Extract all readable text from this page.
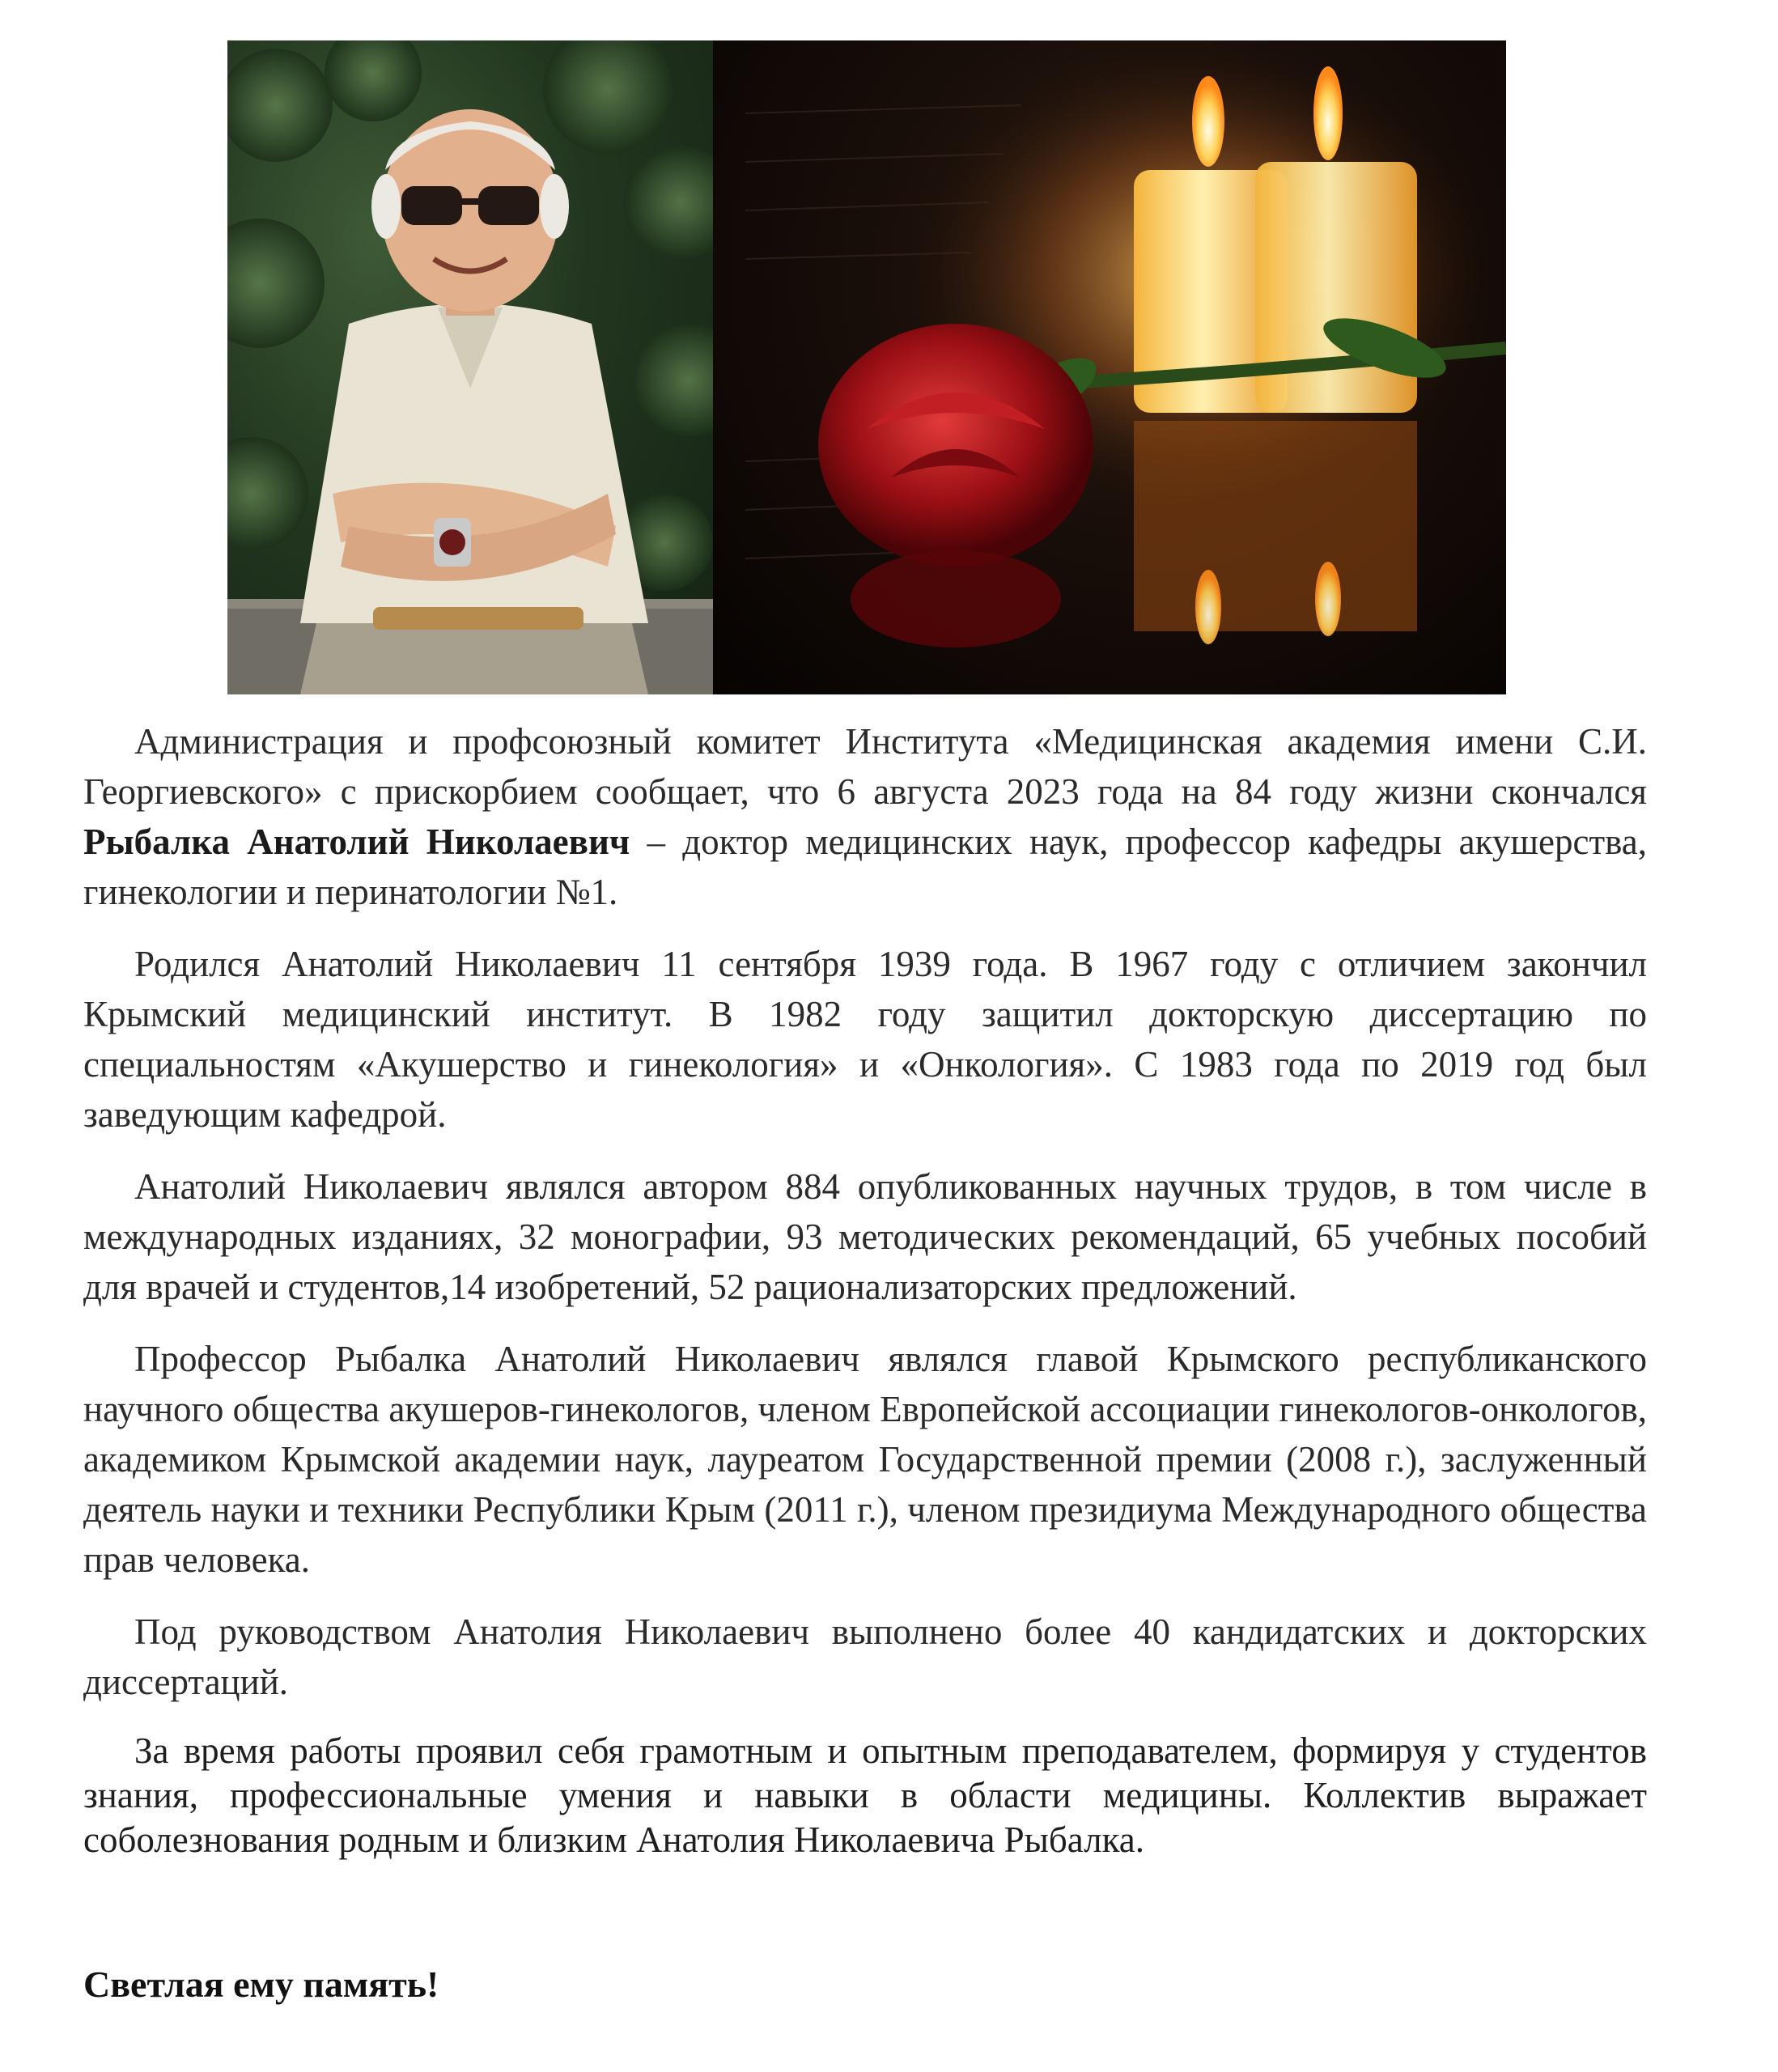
Администрация и профсоюзный комитет Института «Медицинская академия имени С.И. Георгиевского» с прискорбием сообщает, что 6 августа 2023 года на 84 году жизни скончался Рыбалка Анатолий Николаевич – доктор медицинских наук, профессор кафедры акушерства, гинекологии и перинатологии №1.

Родился Анатолий Николаевич 11 сентября 1939 года. В 1967 году с отличием закончил Крымский медицинский институт. В 1982 году защитил докторскую диссертацию по специальностям «Акушерство и гинекология» и «Онкология». С 1983 года по 2019 год был заведующим кафедрой.

Анатолий Николаевич являлся автором 884 опубликованных научных трудов, в том числе в международных изданиях, 32 монографии, 93 методических рекомендаций, 65 учебных пособий для врачей и студентов,14 изобретений, 52 рационализаторских предложений.

Профессор Рыбалка Анатолий Николаевич являлся главой Крымского республиканского научного общества акушеров-гинекологов, членом Европейской ассоциации гинекологов-онкологов, академиком Крымской академии наук, лауреатом Государственной премии (2008 г.), заслуженный деятель науки и техники Республики Крым (2011 г.), членом президиума Международного общества прав человека.

Под руководством Анатолия Николаевич выполнено более 40 кандидатских и докторских диссертаций.

За время работы проявил себя грамотным и опытным преподавателем, формируя у студентов знания, профессиональные умения и навыки в области медицины. Коллектив выражает соболезнования родным и близким Анатолия Николаевича Рыбалка.

Светлая ему память!
